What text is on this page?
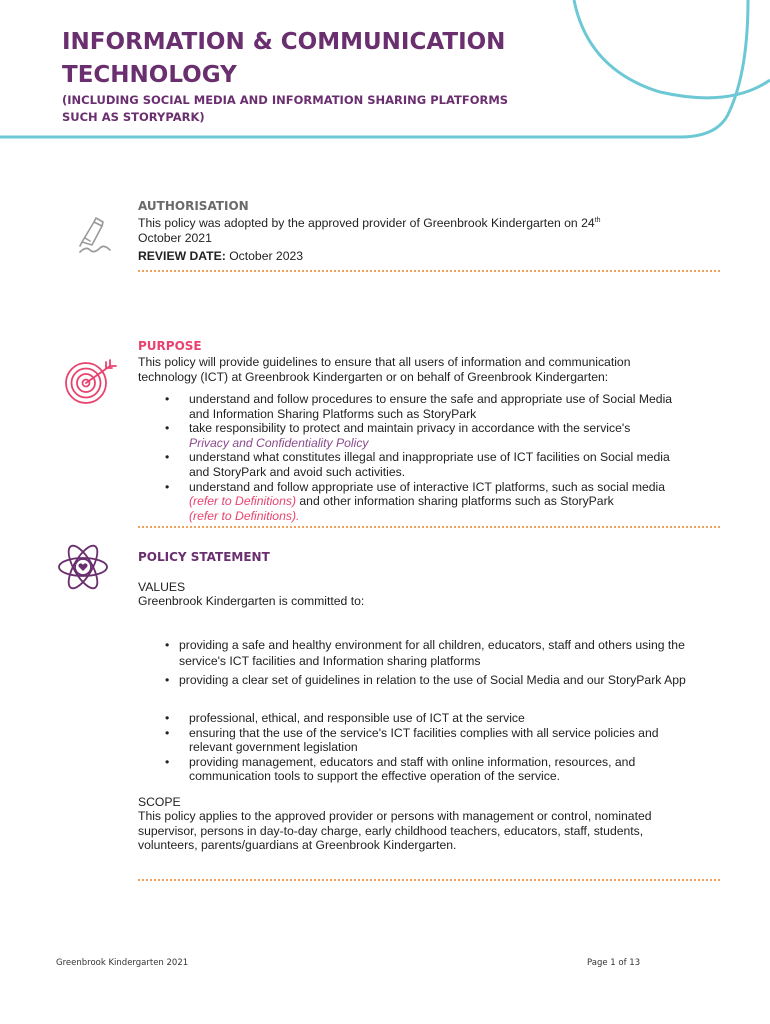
INFORMATION & COMMUNICATION
TECHNOLOGY

(INCLUDING SOCIAL MEDIA AND INFORMATION SHARING PLATFORMS
SUCH AS STORYPARK)

AUTHORISATION
This policy was adopted by the approved provider of Greenbrook Kindergarten on 24th
October 2021
REVIEW DATE: October 2023
PURPOSE
This policy will provide guidelines to ensure that all users of information and communication technology (ICT) at Greenbrook Kindergarten or on behalf of Greenbrook Kindergarten:
• understand and follow procedures to ensure the safe and appropriate use of Social Media and Information Sharing Platforms such as StoryPark
• take responsibility to protect and maintain privacy in accordance with the service's
Privacy and Confidentiality Policy
• understand what constitutes illegal and inappropriate use of ICT facilities on Social media and StoryPark and avoid such activities.
• understand and follow appropriate use of interactive ICT platforms, such as social media (refer to Definitions) and other information sharing platforms such as StoryPark
(refer to Definitions).
POLICY STATEMENT
VALUES
Greenbrook Kindergarten is committed to:
• providing a safe and healthy environment for all children, educators, staff and others using the service's ICT facilities and Information sharing platforms
• providing a clear set of guidelines in relation to the use of Social Media and our StoryPark App
• professional, ethical, and responsible use of ICT at the service
• ensuring that the use of the service's ICT facilities complies with all service policies and relevant government legislation
• providing management, educators and staff with online information, resources, and communication tools to support the effective operation of the service.
SCOPE
This policy applies to the approved provider or persons with management or control, nominated supervisor, persons in day-to-day charge, early childhood teachers, educators, staff, students, volunteers, parents/guardians at Greenbrook Kindergarten.
Greenbrook Kindergarten 2021	Page 1 of 13
